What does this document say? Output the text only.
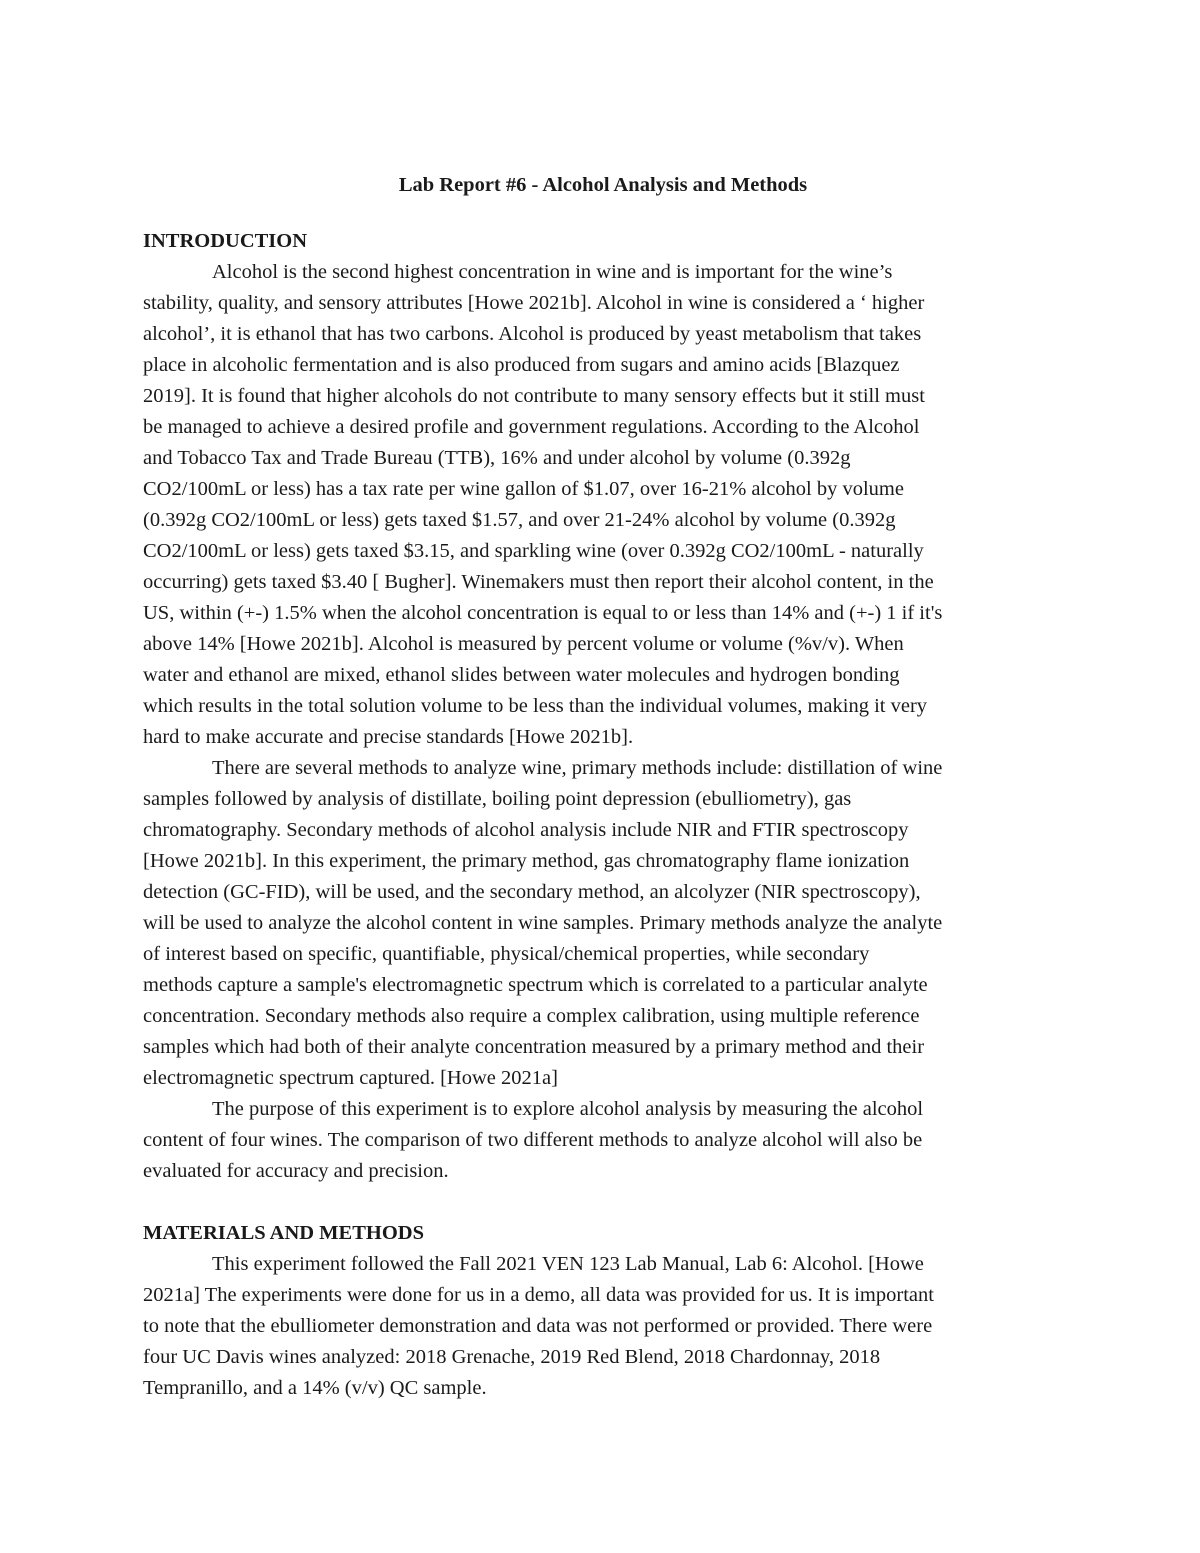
Lab Report #6 - Alcohol Analysis and Methods
INTRODUCTION
Alcohol is the second highest concentration in wine and is important for the wine’s
stability, quality, and sensory attributes [Howe 2021b]. Alcohol in wine is considered a ‘ higher
alcohol’, it is ethanol that has two carbons. Alcohol is produced by yeast metabolism that takes
place in alcoholic fermentation and is also produced from sugars and amino acids [Blazquez
2019]. It is found that higher alcohols do not contribute to many sensory effects but it still must
be managed to achieve a desired profile and government regulations. According to the Alcohol
and Tobacco Tax and Trade Bureau (TTB), 16% and under alcohol by volume (0.392g
CO2/100mL or less) has a tax rate per wine gallon of $1.07, over 16-21% alcohol by volume
(0.392g CO2/100mL or less) gets taxed $1.57, and over 21-24% alcohol by volume (0.392g
CO2/100mL or less) gets taxed $3.15, and sparkling wine (over 0.392g CO2/100mL - naturally
occurring) gets taxed $3.40 [ Bugher]. Winemakers must then report their alcohol content, in the
US, within (+-) 1.5% when the alcohol concentration is equal to or less than 14% and (+-) 1 if it's
above 14% [Howe 2021b]. Alcohol is measured by percent volume or volume (%v/v). When
water and ethanol are mixed, ethanol slides between water molecules and hydrogen bonding
which results in the total solution volume to be less than the individual volumes, making it very
hard to make accurate and precise standards [Howe 2021b].
There are several methods to analyze wine, primary methods include: distillation of wine
samples followed by analysis of distillate, boiling point depression (ebulliometry), gas
chromatography. Secondary methods of alcohol analysis include NIR and FTIR spectroscopy
[Howe 2021b]. In this experiment, the primary method, gas chromatography flame ionization
detection (GC-FID), will be used, and the secondary method, an alcolyzer (NIR spectroscopy),
will be used to analyze the alcohol content in wine samples. Primary methods analyze the analyte
of interest based on specific, quantifiable, physical/chemical properties, while secondary
methods capture a sample's electromagnetic spectrum which is correlated to a particular analyte
concentration. Secondary methods also require a complex calibration, using multiple reference
samples which had both of their analyte concentration measured by a primary method and their
electromagnetic spectrum captured. [Howe 2021a]
The purpose of this experiment is to explore alcohol analysis by measuring the alcohol
content of four wines. The comparison of two different methods to analyze alcohol will also be
evaluated for accuracy and precision.
MATERIALS AND METHODS
This experiment followed the Fall 2021 VEN 123 Lab Manual, Lab 6: Alcohol. [Howe
2021a] The experiments were done for us in a demo, all data was provided for us. It is important
to note that the ebulliometer demonstration and data was not performed or provided. There were
four UC Davis wines analyzed: 2018 Grenache, 2019 Red Blend, 2018 Chardonnay, 2018
Tempranillo, and a 14% (v/v) QC sample.
